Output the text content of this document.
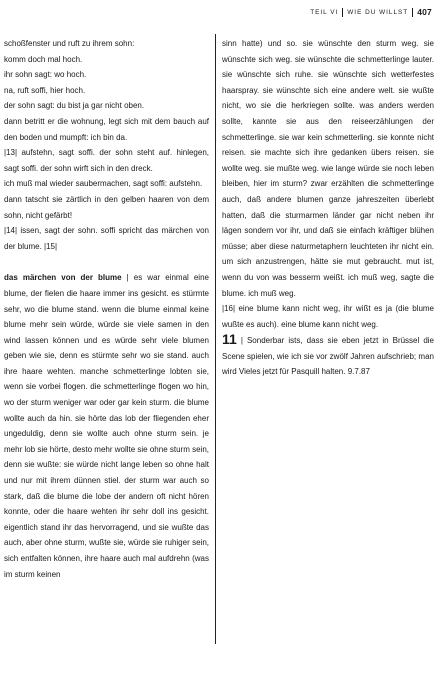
TEIL VI WIE DU WILLST 407

schoßfenster und ruft zu ihrem sohn:

komm doch mal hoch.

ihr sohn sagt: wo hoch.

na, ruft soffi, hier hoch.

der sohn sagt: du bist ja gar nicht oben.

dann betritt er die wohnung, legt sich mit dem bauch auf den boden und mumpft: ich bin da.

|13| aufstehn, sagt soffi. der sohn steht auf. hinlegen, sagt soffi. der sohn wirft sich in den dreck.

ich muß mal wieder saubermachen, sagt soffi: aufstehn.

dann tatscht sie zärtlich in den gelben haaren von dem sohn, nicht gefärbt!

|14| issen, sagt der sohn. soffi spricht das märchen von der blume. |15|

das märchen von der blume | es war einmal eine blume, der fielen die haare immer ins gesicht. es stürmte sehr, wo die blume stand. wenn die blume einmal keine blume mehr sein würde, würde sie viele samen in den wind lassen können und es würde sehr viele blumen geben wie sie, denn es stürmte sehr wo sie stand. auch ihre haare wehten. manche schmetterlinge lobten sie, wenn sie vorbei flogen. die schmetterlinge flogen wo hin, wo der sturm weniger war oder gar kein sturm. die blume wollte auch da hin. sie hörte das lob der fliegenden eher ungeduldig, denn sie wollte auch ohne sturm sein. je mehr lob sie hörte, desto mehr wollte sie ohne sturm sein, denn sie wußte: sie würde nicht lange leben so ohne halt und nur mit ihrem dünnen stiel. der sturm war auch so stark, daß die blume die lobe der andern oft nicht hören konnte, oder die haare wehten ihr sehr doll ins gesicht. eigentlich stand ihr das hervorragend, und sie wußte das auch, aber ohne sturm, wußte sie, würde sie ruhiger sein, sich entfalten können, ihre haare auch mal aufdrehn (was im sturm keinen

sinn hatte) und so. sie wünschte den sturm weg. sie wünschte sich weg. sie wünschte die schmetterlinge lauter. sie wünschte sich ruhe. sie wünschte sich wetterfestes haarspray. sie wünschte sich eine andere welt. sie wußte nicht, wo sie die herkriegen sollte. was anders werden sollte, kannte sie aus den reiseerzählungen der schmetterlinge. sie war kein schmetterling. sie konnte nicht reisen. sie machte sich ihre gedanken übers reisen. sie wollte weg. sie mußte weg. wie lange würde sie noch leben bleiben, hier im sturm? zwar erzählten die schmetterlinge auch, daß andere blumen ganze jahreszeiten überlebt hatten, daß die sturmarmen länder gar nicht neben ihr lägen sondern vor ihr, und daß sie einfach kräftiger blühen müsse; aber diese naturmetaphern leuchteten ihr nicht ein. um sich anzustrengen, hätte sie mut gebraucht. mut ist, wenn du von was besserm weißt. ich muß weg, sagte die blume. ich muß weg.

|16| eine blume kann nicht weg, ihr wißt es ja (die blume wußte es auch). eine blume kann nicht weg.

11 | Sonderbar ists, dass sie eben jetzt in Brüssel die Scene spielen, wie ich sie vor zwölf Jahren aufschrieb; man wird Vieles jetzt für Pasquill halten. 9.7.87
